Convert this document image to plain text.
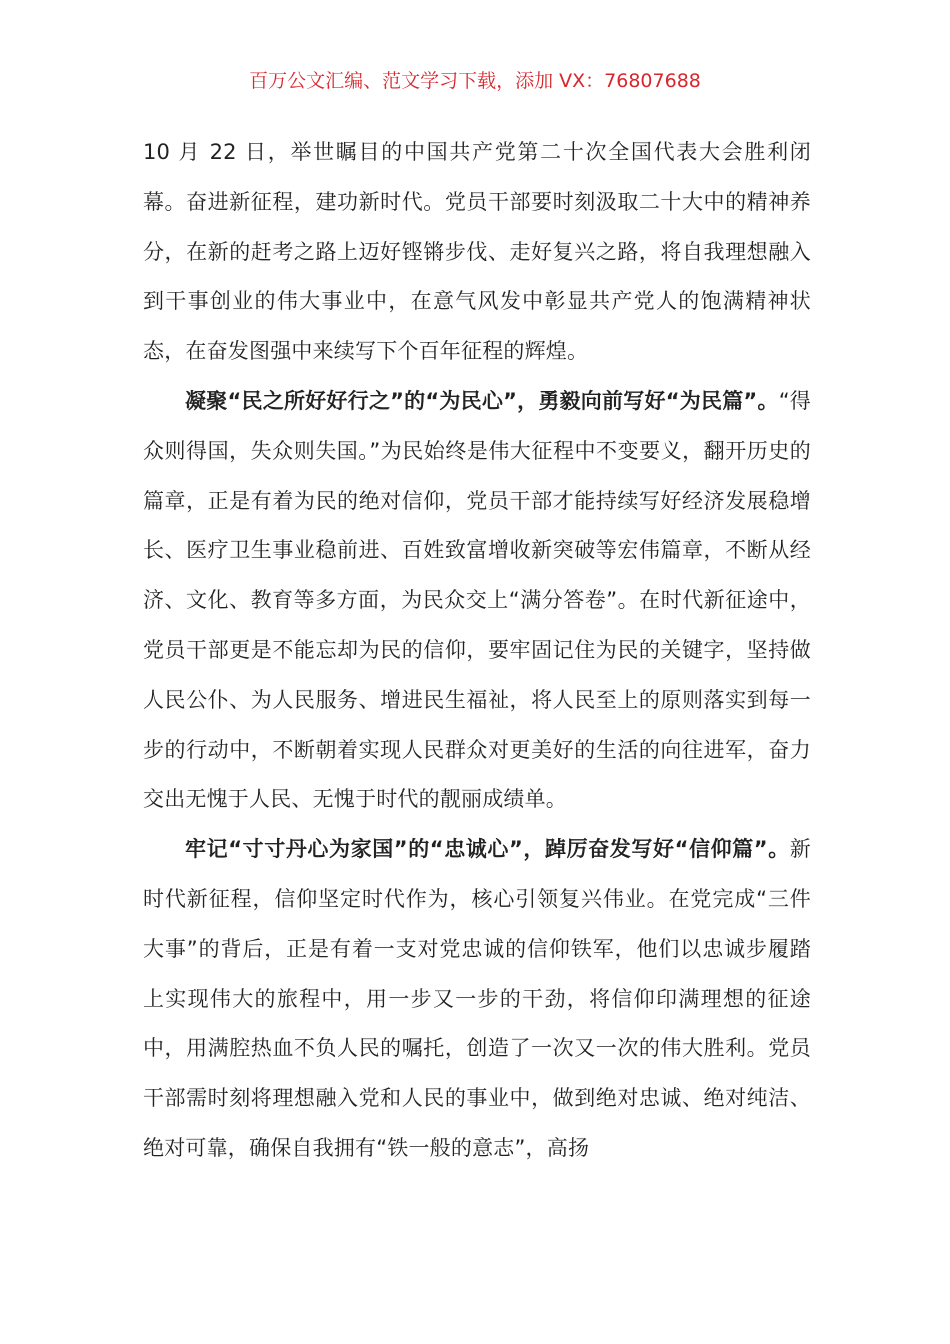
百万公文汇编、范文学习下载，添加 VX：76807688

10 月 22 日，举世瞩目的中国共产党第二十次全国代表大会胜利闭幕。奋进新征程，建功新时代。党员干部要时刻汲取二十大中的精神养分，在新的赶考之路上迈好铿锵步伐、走好复兴之路，将自我理想融入到干事创业的伟大事业中，在意气风发中彰显共产党人的饱满精神状态，在奋发图强中来续写下个百年征程的辉煌。

凝聚“民之所好好行之”的“为民心”，勇毅向前写好“为民篇”。“得众则得国，失众则失国。”为民始终是伟大征程中不变要义，翻开历史的篇章，正是有着为民的绝对信仰，党员干部才能持续写好经济发展稳增长、医疗卫生事业稳前进、百姓致富增收新突破等宏伟篇章，不断从经济、文化、教育等多方面，为民众交上“满分答卷”。在时代新征途中，党员干部更是不能忘却为民的信仰，要牢固记住为民的关键字，坚持做人民公仆、为人民服务、增进民生福祉，将人民至上的原则落实到每一步的行动中，不断朝着实现人民群众对更美好的生活的向往进军，奋力交出无愧于人民、无愧于时代的靓丽成绩单。

牢记“寸寸丹心为家国”的“忠诚心”，踔厉奋发写好“信仰篇”。新时代新征程，信仰坚定时代作为，核心引领复兴伟业。在党完成“三件大事”的背后，正是有着一支对党忠诚的信仰铁军，他们以忠诚步履踏上实现伟大的旅程中，用一步又一步的干劲，将信仰印满理想的征途中，用满腔热血不负人民的嘱托，创造了一次又一次的伟大胜利。党员干部需时刻将理想融入党和人民的事业中，做到绝对忠诚、绝对纯洁、绝对可靠，确保自我拥有“铁一般的意志”，高扬
